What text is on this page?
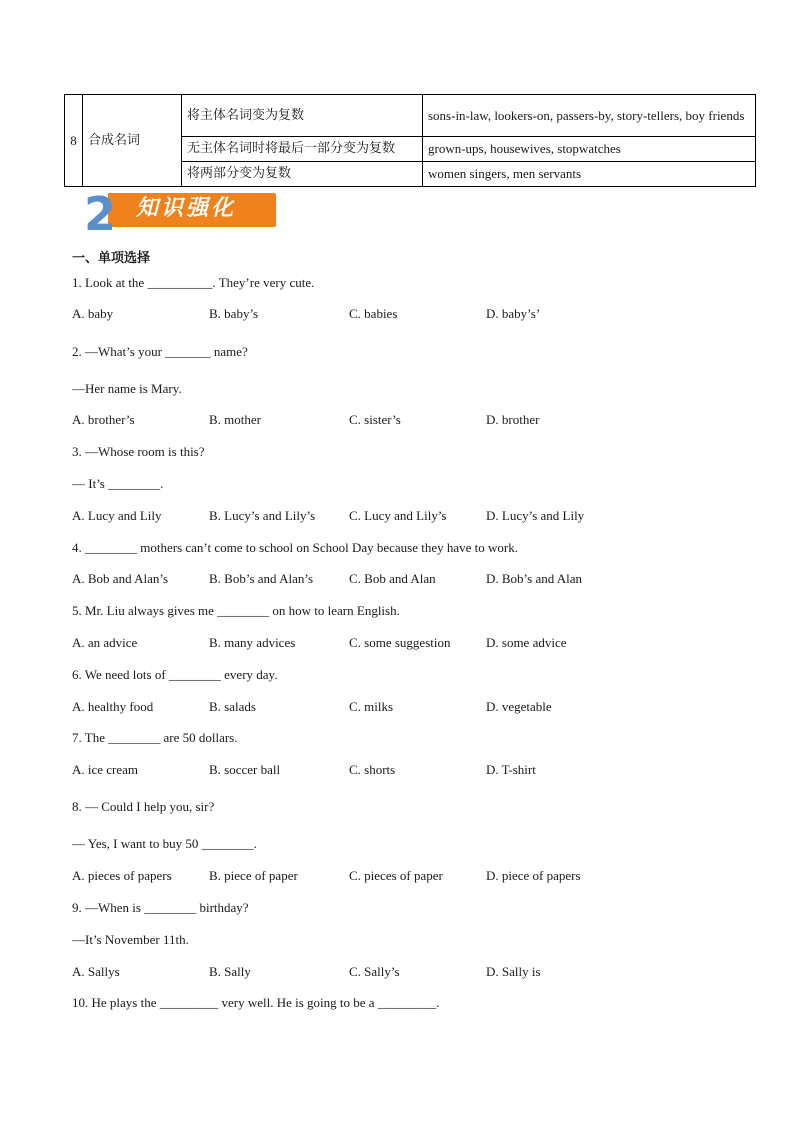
8	合成名词	将主体名词变为复数	sons-in-law, lookers-on, passers-by, story-tellers, boy friends
		无主体名词时将最后一部分变为复数	grown-ups, housewives, stopwatches
		将两部分变为复数	women singers, men servants
知识强化
2
一、单项选择
1. Look at the __________. They’re very cute.
A. baby	B. baby’s	C. babies	D. baby’s’
2. —What’s your _______ name?
—Her name is Mary.
A. brother’s	B. mother	C. sister’s	D. brother
3. —Whose room is this?
— It’s ________.
A. Lucy and Lily	B. Lucy’s and Lily’s	C. Lucy and Lily’s	D. Lucy’s and Lily
4. ________ mothers can’t come to school on School Day because they have to work.
A. Bob and Alan’s	B. Bob’s and Alan’s	C. Bob and Alan	D. Bob’s and Alan
5. Mr. Liu always gives me ________ on how to learn English.
A. an advice	B. many advices	C. some suggestion	D. some advice
6. We need lots of ________ every day.
A. healthy food	B. salads	C. milks	D. vegetable
7. The ________ are 50 dollars.
A. ice cream	B. soccer ball	C. shorts	D. T-shirt
8. — Could I help you, sir?
— Yes, I want to buy 50 ________.
A. pieces of papers	B. piece of paper	C. pieces of paper	D. piece of papers
9. —When is ________ birthday?
—It’s November 11th.
A. Sallys	B. Sally	C. Sally’s	D. Sally is
10. He plays the _________ very well. He is going to be a _________.
